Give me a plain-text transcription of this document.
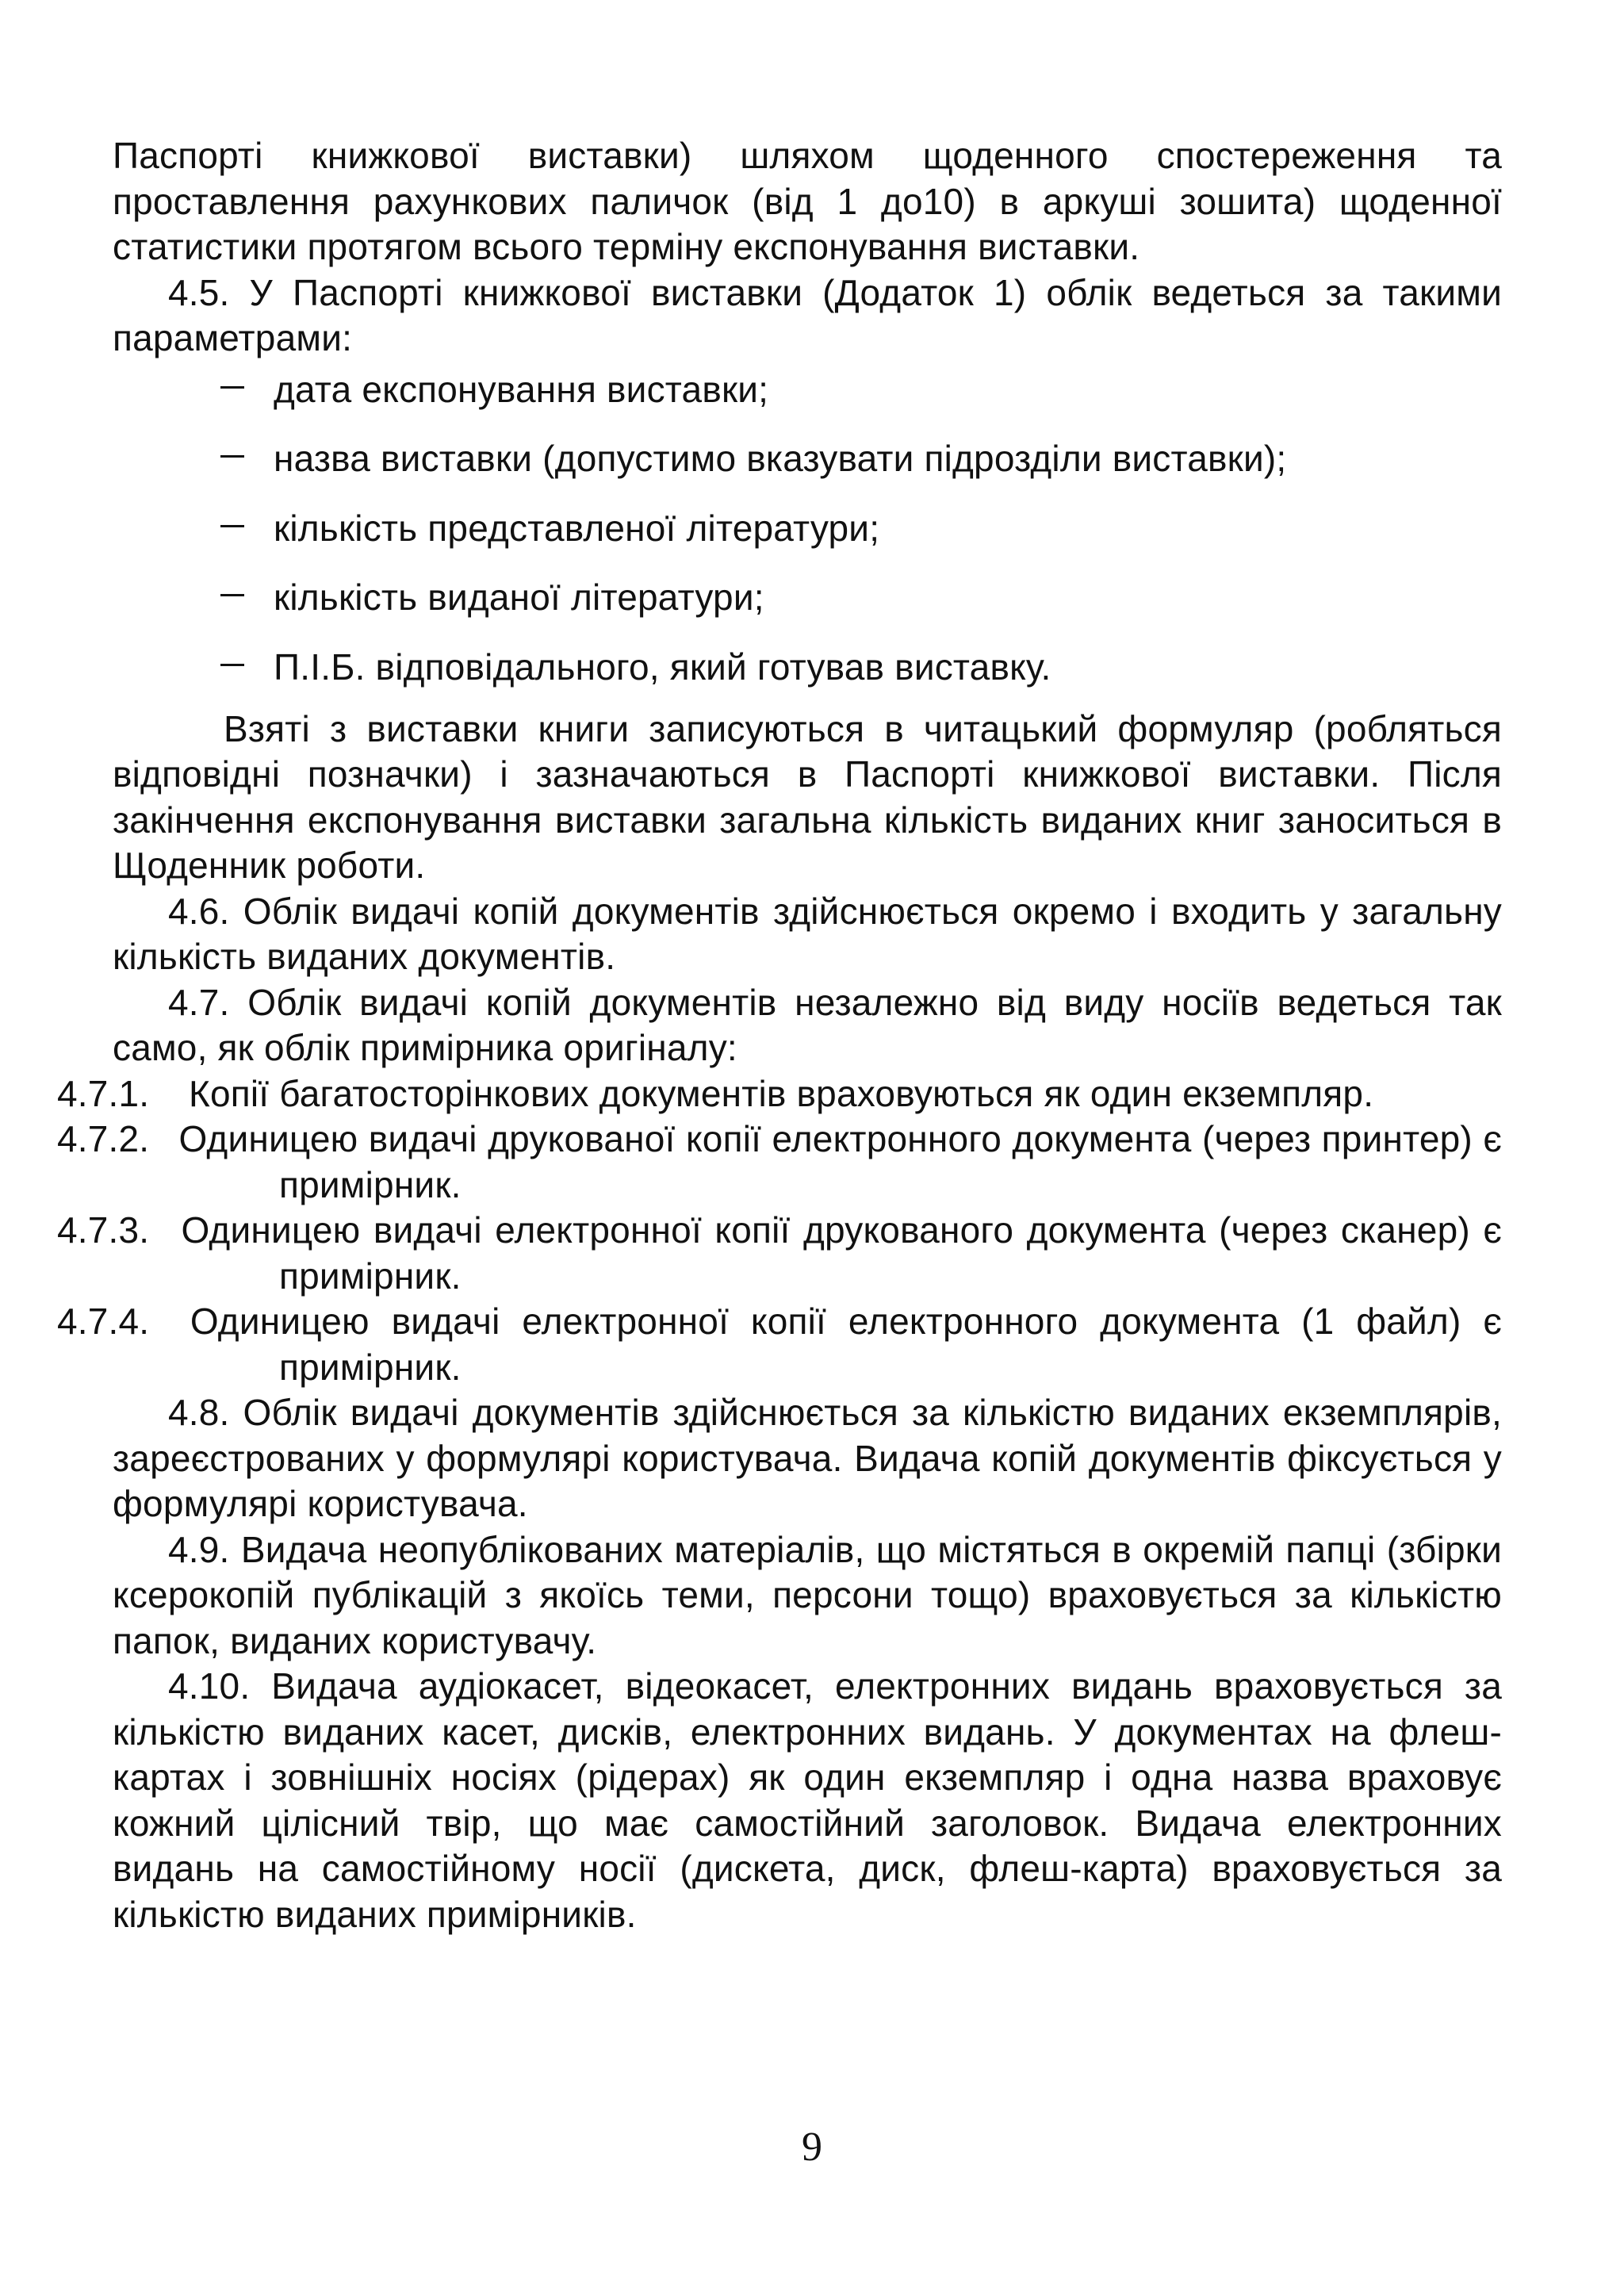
Паспорті книжкової виставки) шляхом щоденного спостереження та проставлення рахункових паличок (від 1 до10) в аркуші зошита) щоденної статистики протягом всього терміну експонування виставки.

4.5. У Паспорті книжкової виставки (Додаток 1) облік ведеться за такими параметрами:

дата експонування виставки;
назва виставки (допустимо вказувати підрозділи виставки);
кількість представленої літератури;
кількість виданої літератури;
П.І.Б. відповідального, який готував виставку.

Взяті з виставки книги записуються в читацький формуляр (робляться відповідні позначки) і зазначаються в Паспорті книжкової виставки. Після закінчення експонування виставки загальна кількість виданих книг заноситься в Щоденник роботи.

4.6. Облік видачі копій документів здійснюється окремо і входить у загальну кількість виданих документів.

4.7. Облік видачі копій документів незалежно від виду носіїв ведеться так само, як облік примірника оригіналу:

4.7.1. Копії багатосторінкових документів враховуються як один екземпляр.

4.7.2. Одиницею видачі друкованої копії електронного документа (через принтер) є примірник.

4.7.3. Одиницею видачі електронної копії друкованого документа (через сканер) є примірник.

4.7.4. Одиницею видачі електронної копії електронного документа (1 файл) є примірник.

4.8. Облік видачі документів здійснюється за кількістю виданих екземплярів, зареєстрованих у формулярі користувача. Видача копій документів фіксується у формулярі користувача.

4.9. Видача неопублікованих матеріалів, що містяться в окремій папці (збірки ксерокопій публікацій з якоїсь теми, персони тощо) враховується за кількістю папок, виданих користувачу.

4.10. Видача аудіокасет, відеокасет, електронних видань враховується за кількістю виданих касет, дисків, електронних видань. У документах на флеш-картах і зовнішніх носіях (рідерах) як один екземпляр і одна назва враховує кожний цілісний твір, що має самостійний заголовок. Видача електронних видань на самостійному носії (дискета, диск, флеш-карта) враховується за кількістю виданих примірників.

9
